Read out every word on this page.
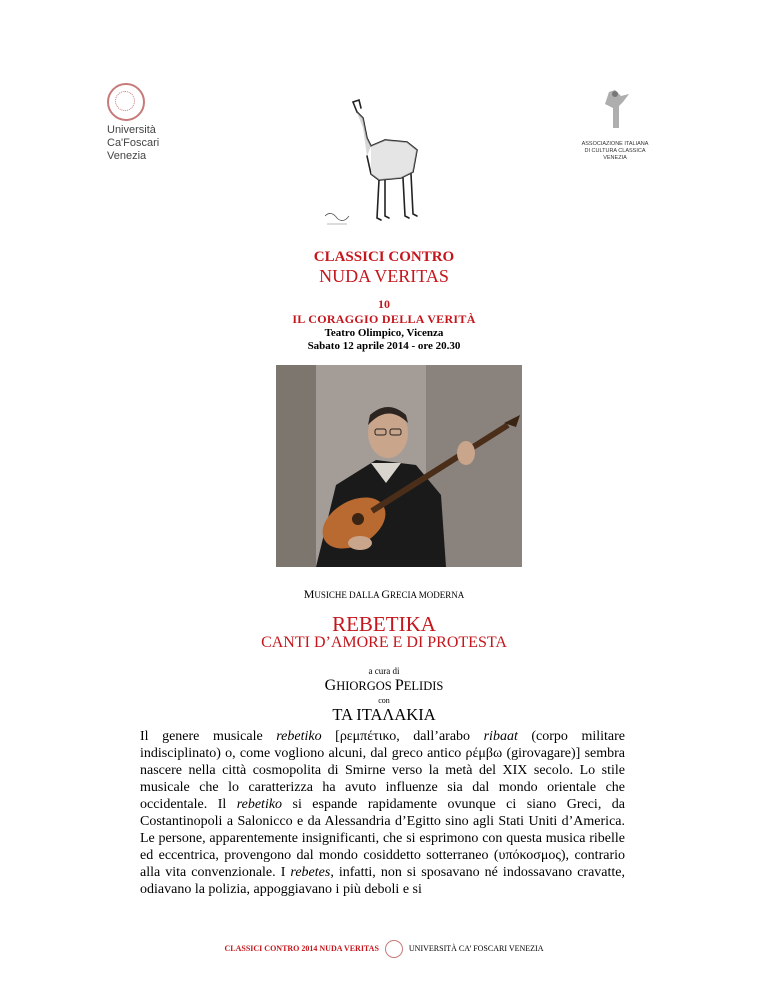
Università
Ca'Foscari
Venezia
ASSOCIAZIONE ITALIANA
DI CULTURA CLASSICA
VENEZIA
CLASSICI CONTRO
NUDA VERITAS
10
IL CORAGGIO DELLA VERITÀ
Teatro Olimpico, Vicenza
Sabato 12 aprile 2014 - ore 20.30
MUSICHE DALLA GRECIA MODERNA
REBETIKA
CANTI D’AMORE E DI PROTESTA
a cura di
GHIORGOS PELIDIS
con
TA ΙΤΑΛΑΚΙΑ
Il genere musicale rebetiko [ρεμπέτικο, dall’arabo ribaat (corpo militare indisciplinato) o, come vogliono alcuni, dal greco antico ρέμβω (girovagare)] sembra nascere nella città cosmopolita di Smirne verso la metà del XIX secolo. Lo stile musicale che lo caratterizza ha avuto influenze sia dal mondo orientale che occidentale. Il rebetiko si espande rapidamente ovunque ci siano Greci, da Costantinopoli a Salonicco e da Alessandria d’Egitto sino agli Stati Uniti d’America. Le persone, apparentemente insignificanti, che si esprimono con questa musica ribelle ed eccentrica, provengono dal mondo cosiddetto sotterraneo (υπόκοσμος), contrario alla vita convenzionale. I rebetes, infatti, non si sposavano né indossavano cravatte, odiavano la polizia, appoggiavano i più deboli e si
CLASSICI CONTRO 2014 NUDA VERITAS	UNIVERSITÀ CA’ FOSCARI VENEZIA
